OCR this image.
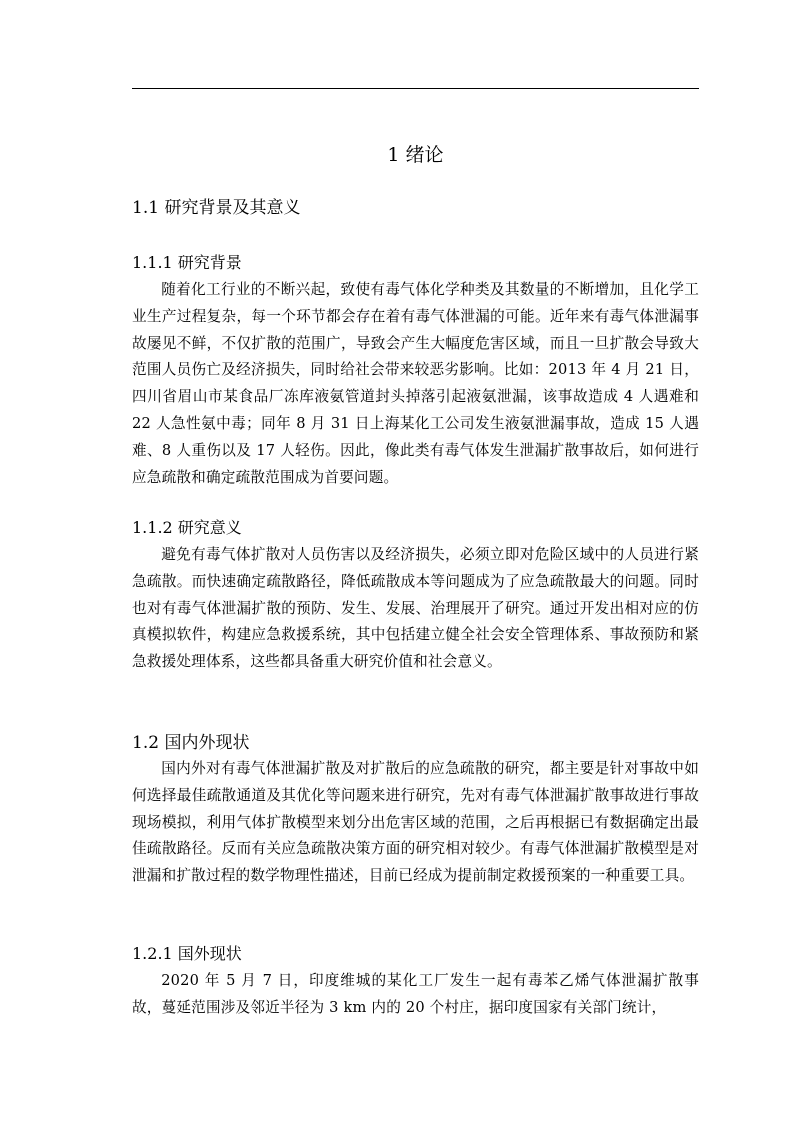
1 绪论
1.1 研究背景及其意义
1.1.1 研究背景

随着化工行业的不断兴起，致使有毒气体化学种类及其数量的不断增加，且化学工业生产过程复杂，每一个环节都会存在着有毒气体泄漏的可能。近年来有毒气体泄漏事故屡见不鲜，不仅扩散的范围广，导致会产生大幅度危害区域，而且一旦扩散会导致大范围人员伤亡及经济损失，同时给社会带来较恶劣影响。比如：2013 年 4 月 21 日，四川省眉山市某食品厂冻库液氨管道封头掉落引起液氨泄漏，该事故造成 4 人遇难和 22 人急性氨中毒；同年 8 月 31 日上海某化工公司发生液氨泄漏事故，造成 15 人遇难、8 人重伤以及 17 人轻伤。因此，像此类有毒气体发生泄漏扩散事故后，如何进行应急疏散和确定疏散范围成为首要问题。

1.1.2 研究意义

避免有毒气体扩散对人员伤害以及经济损失，必须立即对危险区域中的人员进行紧急疏散。而快速确定疏散路径，降低疏散成本等问题成为了应急疏散最大的问题。同时也对有毒气体泄漏扩散的预防、发生、发展、治理展开了研究。通过开发出相对应的仿真模拟软件，构建应急救援系统，其中包括建立健全社会安全管理体系、事故预防和紧急救援处理体系，这些都具备重大研究价值和社会意义。

1.2 国内外现状

国内外对有毒气体泄漏扩散及对扩散后的应急疏散的研究，都主要是针对事故中如何选择最佳疏散通道及其优化等问题来进行研究，先对有毒气体泄漏扩散事故进行事故现场模拟，利用气体扩散模型来划分出危害区域的范围，之后再根据已有数据确定出最佳疏散路径。反而有关应急疏散决策方面的研究相对较少。有毒气体泄漏扩散模型是对泄漏和扩散过程的数学物理性描述，目前已经成为提前制定救援预案的一种重要工具。

1.2.1 国外现状

2020 年 5 月 7 日，印度维城的某化工厂发生一起有毒苯乙烯气体泄漏扩散事故，蔓延范围涉及邻近半径为 3 km 内的 20 个村庄，据印度国家有关部门统计，
